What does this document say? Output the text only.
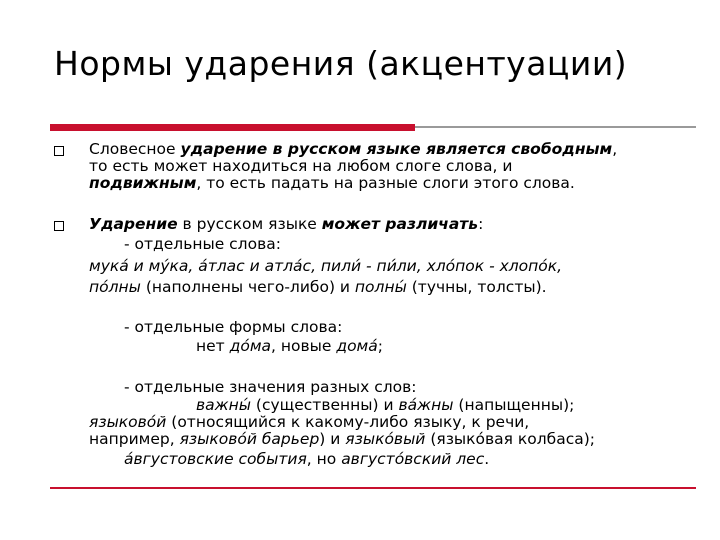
Нормы ударения (акцентуации)
Словесное ударение в русском языке является свободным,
то есть может находиться на любом слоге слова, и
подвижным, то есть падать на разные слоги этого слова.
Ударение в русском языке может различать:
- отдельные слова:
мука́ и му́ка, а́тлас и атла́с, пили́ - пи́ли, хло́пок - хлопо́к,
по́лны (наполнены чего-либо) и полны́ (тучны, толсты).
- отдельные формы слова:
нет до́ма, новые дома́;
- отдельные значения разных слов:
важны́ (существенны) и ва́жны (напыщенны);
языково́й (относящийся к какому-либо языку, к речи,
например, языково́й барьер) и языко́вый (языко́вая колбаса);
а́вгустовские события, но августо́вский лес.
